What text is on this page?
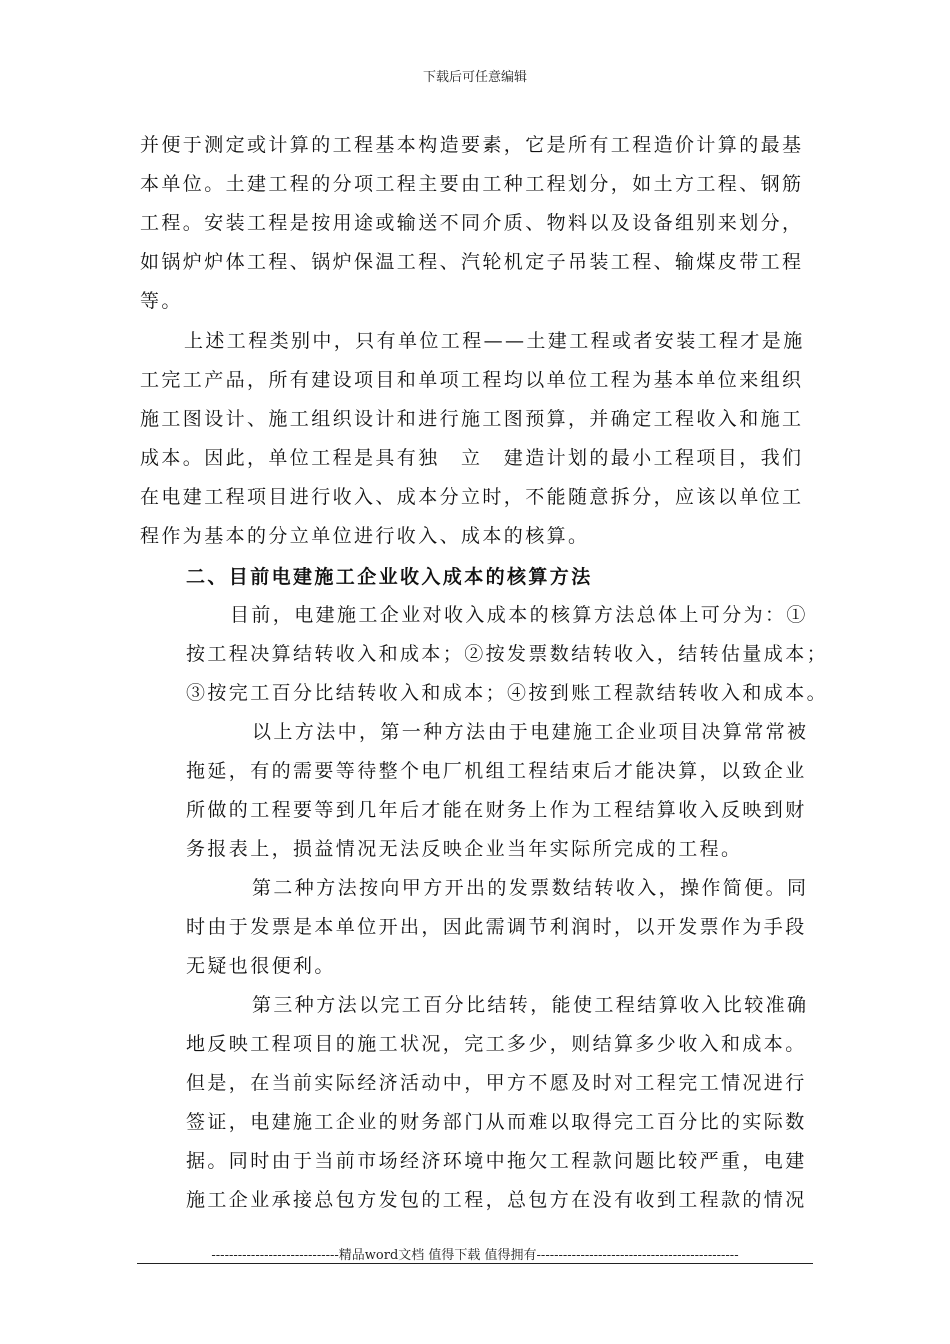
下载后可任意编辑
并便于测定或计算的工程基本构造要素，它是所有工程造价计算的最基
本单位。土建工程的分项工程主要由工种工程划分，如土方工程、钢筋
工程。安装工程是按用途或输送不同介质、物料以及设备组别来划分，
如锅炉炉体工程、锅炉保温工程、汽轮机定子吊装工程、输煤皮带工程
等。
上述工程类别中，只有单位工程——土建工程或者安装工程才是施
工完工产品，所有建设项目和单项工程均以单位工程为基本单位来组织
施工图设计、施工组织设计和进行施工图预算，并确定工程收入和施工
成本。因此，单位工程是具有独　立　建造计划的最小工程项目，我们
在电建工程项目进行收入、成本分立时，不能随意拆分，应该以单位工
程作为基本的分立单位进行收入、成本的核算。
二、目前电建施工企业收入成本的核算方法
目前，电建施工企业对收入成本的核算方法总体上可分为：①
按工程决算结转收入和成本；②按发票数结转收入，结转估量成本；
③按完工百分比结转收入和成本；④按到账工程款结转收入和成本。
以上方法中，第一种方法由于电建施工企业项目决算常常被
拖延，有的需要等待整个电厂机组工程结束后才能决算，以致企业
所做的工程要等到几年后才能在财务上作为工程结算收入反映到财
务报表上，损益情况无法反映企业当年实际所完成的工程。
第二种方法按向甲方开出的发票数结转收入，操作简便。同
时由于发票是本单位开出，因此需调节利润时，以开发票作为手段
无疑也很便利。
第三种方法以完工百分比结转，能使工程结算收入比较准确
地反映工程项目的施工状况，完工多少，则结算多少收入和成本。
但是，在当前实际经济活动中，甲方不愿及时对工程完工情况进行
签证，电建施工企业的财务部门从而难以取得完工百分比的实际数
据。同时由于当前市场经济环境中拖欠工程款问题比较严重，电建
施工企业承接总包方发包的工程，总包方在没有收到工程款的情况
-----------------------------精品word文档 值得下载 值得拥有----------------------------------------------
